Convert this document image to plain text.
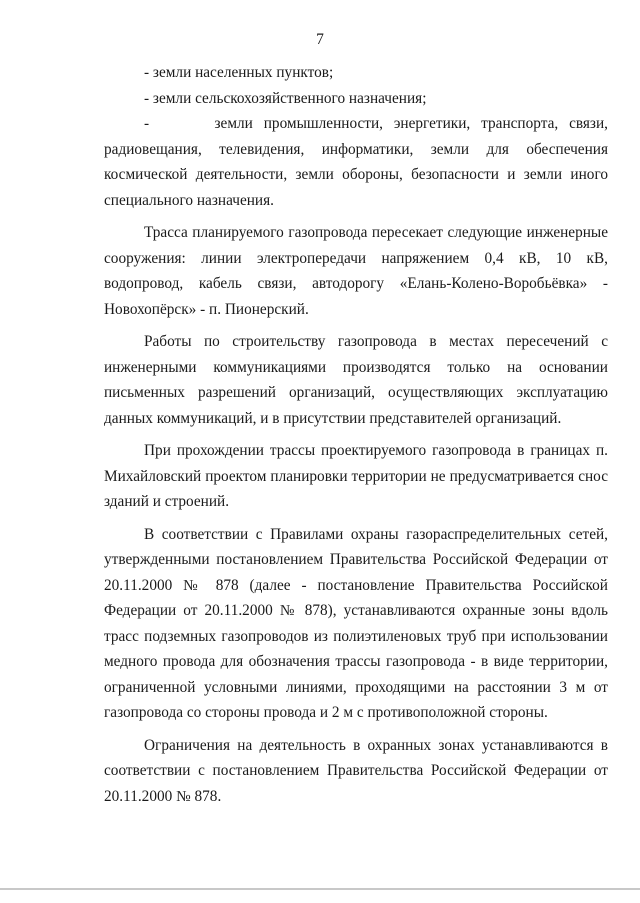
7

- земли населенных пунктов;

- земли сельскохозяйственного назначения;

-      земли промышленности, энергетики, транспорта, связи, радиовещания, телевидения, информатики, земли для обеспечения космической деятельности, земли обороны, безопасности и земли иного специального назначения.

Трасса планируемого газопровода пересекает следующие инженерные сооружения: линии электропередачи напряжением 0,4 кВ, 10 кВ, водопровод, кабель связи, автодорогу «Елань-Колено-Воробьёвка» - Новохопёрск» - п. Пионерский.

Работы по строительству газопровода в местах пересечений с инженерными коммуникациями производятся только на основании письменных разрешений организаций, осуществляющих эксплуатацию данных коммуникаций, и в присутствии представителей организаций.

При прохождении трассы проектируемого газопровода в границах п. Михайловский проектом планировки территории не предусматривается снос зданий и строений.

В соответствии с Правилами охраны газораспределительных сетей, утвержденными постановлением Правительства Российской Федерации от 20.11.2000 № 878 (далее - постановление Правительства Российской Федерации от 20.11.2000 № 878), устанавливаются охранные зоны вдоль трасс подземных газопроводов из полиэтиленовых труб при использовании медного провода для обозначения трассы газопровода - в виде территории, ограниченной условными линиями, проходящими на расстоянии 3 м от газопровода со стороны провода и 2 м с противоположной стороны.

Ограничения на деятельность в охранных зонах устанавливаются в соответствии с постановлением Правительства Российской Федерации от 20.11.2000 № 878.
